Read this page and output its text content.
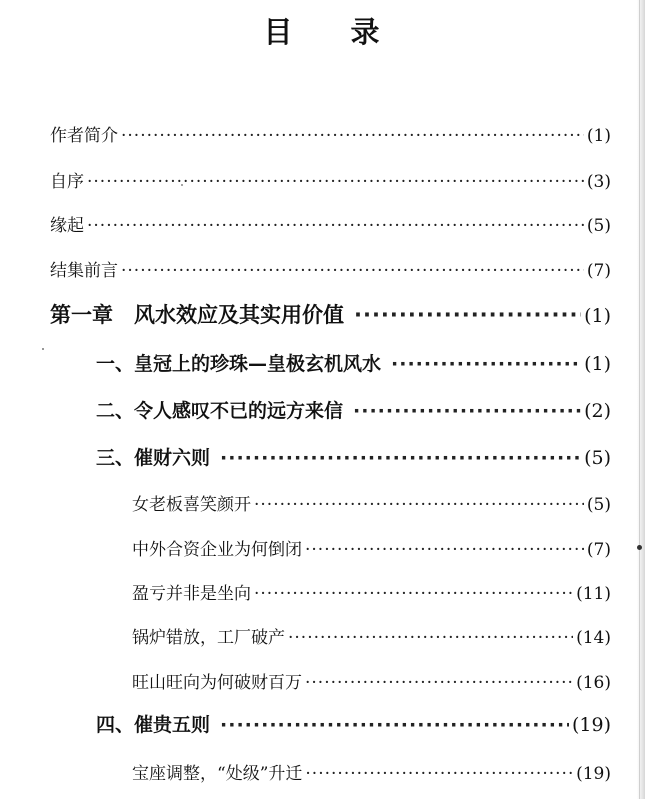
目 录
作者简介 ·····	(1)
自序 ·····	(3)
缘起 ·····	(5)
结集前言 ·····	(7)
第一章　风水效应及其实用价值 ·····	(1)
一、皇冠上的珍珠—皇极玄机风水 ·····	(1)
二、令人感叹不已的远方来信 ·····	(2)
三、催财六则 ·····	(5)
女老板喜笑颜开 ·····	(5)
中外合资企业为何倒闭 ·····	(7)
盈亏并非是坐向 ·····	(11)
锅炉错放，工厂破产 ·····	(14)
旺山旺向为何破财百万 ·····	(16)
四、催贵五则 ·····	(19)
宝座调整，“处级”升迁 ·····	(19)
